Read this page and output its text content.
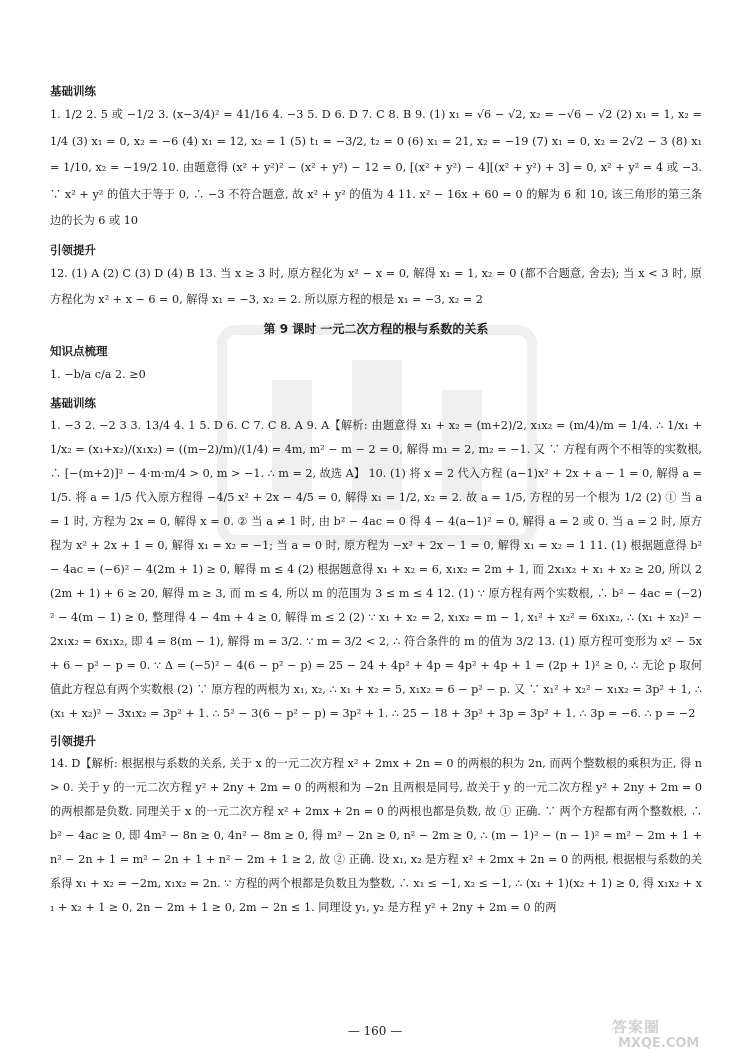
基础训练

1. 1/2 2. 5 或 −1/2 3. (x−3/4)² = 41/16 4. −3 5. D 6. D 7. C 8. B 9. (1) x₁ = √6 − √2, x₂ = −√6 − √2 (2) x₁ = 1, x₂ = 1/4 (3) x₁ = 0, x₂ = −6 (4) x₁ = 12, x₂ = 1 (5) t₁ = −3/2, t₂ = 0 (6) x₁ = 21, x₂ = −19 (7) x₁ = 0, x₂ = 2√2 − 3 (8) x₁ = 1/10, x₂ = −19/2 10. 由题意得 (x² + y²)² − (x² + y²) − 12 = 0, [(x² + y²) − 4][(x² + y²) + 3] = 0, x² + y² = 4 或 −3. ∵ x² + y² 的值大于等于 0, ∴ −3 不符合题意, 故 x² + y² 的值为 4 11. x² − 16x + 60 = 0 的解为 6 和 10, 该三角形的第三条边的长为 6 或 10

引领提升

12. (1) A (2) C (3) D (4) B 13. 当 x ≥ 3 时, 原方程化为 x² − x = 0, 解得 x₁ = 1, x₂ = 0 (都不合题意, 舍去); 当 x < 3 时, 原方程化为 x² + x − 6 = 0, 解得 x₁ = −3, x₂ = 2. 所以原方程的根是 x₁ = −3, x₂ = 2

第 9 课时 一元二次方程的根与系数的关系

知识点梳理

1. −b/a c/a 2. ≥0

基础训练

1. −3 2. −2 3 3. 13/4 4. 1 5. D 6. C 7. C 8. A 9. A【解析: 由题意得 x₁ + x₂ = (m+2)/2, x₁x₂ = (m/4)/m = 1/4. ∴ 1/x₁ + 1/x₂ = (x₁+x₂)/(x₁x₂) = ((m−2)/m)/(1/4) = 4m, m² − m − 2 = 0, 解得 m₁ = 2, m₂ = −1. 又 ∵ 方程有两个不相等的实数根, ∴ [−(m+2)]² − 4·m·m/4 > 0, m > −1. ∴ m = 2, 故选 A】 10. (1) 将 x = 2 代入方程 (a−1)x² + 2x + a − 1 = 0, 解得 a = 1/5. 将 a = 1/5 代入原方程得 −4/5 x² + 2x − 4/5 = 0, 解得 x₁ = 1/2, x₂ = 2. 故 a = 1/5, 方程的另一个根为 1/2 (2) ① 当 a = 1 时, 方程为 2x = 0, 解得 x = 0. ② 当 a ≠ 1 时, 由 b² − 4ac = 0 得 4 − 4(a−1)² = 0, 解得 a = 2 或 0. 当 a = 2 时, 原方程为 x² + 2x + 1 = 0, 解得 x₁ = x₂ = −1; 当 a = 0 时, 原方程为 −x² + 2x − 1 = 0, 解得 x₁ = x₂ = 1 11. (1) 根据题意得 b² − 4ac = (−6)² − 4(2m + 1) ≥ 0, 解得 m ≤ 4 (2) 根据题意得 x₁ + x₂ = 6, x₁x₂ = 2m + 1, 而 2x₁x₂ + x₁ + x₂ ≥ 20, 所以 2(2m + 1) + 6 ≥ 20, 解得 m ≥ 3, 而 m ≤ 4, 所以 m 的范围为 3 ≤ m ≤ 4 12. (1) ∵ 原方程有两个实数根, ∴ b² − 4ac = (−2)² − 4(m − 1) ≥ 0, 整理得 4 − 4m + 4 ≥ 0, 解得 m ≤ 2 (2) ∵ x₁ + x₂ = 2, x₁x₂ = m − 1, x₁² + x₂² = 6x₁x₂, ∴ (x₁ + x₂)² − 2x₁x₂ = 6x₁x₂, 即 4 = 8(m − 1), 解得 m = 3/2. ∵ m = 3/2 < 2, ∴ 符合条件的 m 的值为 3/2 13. (1) 原方程可变形为 x² − 5x + 6 − p² − p = 0. ∵ Δ = (−5)² − 4(6 − p² − p) = 25 − 24 + 4p² + 4p = 4p² + 4p + 1 = (2p + 1)² ≥ 0, ∴ 无论 p 取何值此方程总有两个实数根 (2) ∵ 原方程的两根为 x₁, x₂, ∴ x₁ + x₂ = 5, x₁x₂ = 6 − p² − p. 又 ∵ x₁² + x₂² − x₁x₂ = 3p² + 1, ∴ (x₁ + x₂)² − 3x₁x₂ = 3p² + 1. ∴ 5² − 3(6 − p² − p) = 3p² + 1. ∴ 25 − 18 + 3p² + 3p = 3p² + 1. ∴ 3p = −6. ∴ p = −2

引领提升

14. D【解析: 根据根与系数的关系, 关于 x 的一元二次方程 x² + 2mx + 2n = 0 的两根的积为 2n, 而两个整数根的乘积为正, 得 n > 0. 关于 y 的一元二次方程 y² + 2ny + 2m = 0 的两根和为 −2n 且两根是同号, 故关于 y 的一元二次方程 y² + 2ny + 2m = 0 的两根都是负数. 同理关于 x 的一元二次方程 x² + 2mx + 2n = 0 的两根也都是负数, 故 ① 正确. ∵ 两个方程都有两个整数根, ∴ b² − 4ac ≥ 0, 即 4m² − 8n ≥ 0, 4n² − 8m ≥ 0, 得 m² − 2n ≥ 0, n² − 2m ≥ 0, ∴ (m − 1)² − (n − 1)² = m² − 2m + 1 + n² − 2n + 1 = m² − 2n + 1 + n² − 2m + 1 ≥ 2, 故 ② 正确. 设 x₁, x₂ 是方程 x² + 2mx + 2n = 0 的两根, 根据根与系数的关系得 x₁ + x₂ = −2m, x₁x₂ = 2n. ∵ 方程的两个根都是负数且为整数, ∴ x₁ ≤ −1, x₂ ≤ −1, ∴ (x₁ + 1)(x₂ + 1) ≥ 0, 得 x₁x₂ + x₁ + x₂ + 1 ≥ 0, 2n − 2m + 1 ≥ 0, 2m − 2n ≤ 1. 同理设 y₁, y₂ 是方程 y² + 2ny + 2m = 0 的两

— 160 —	答案圈
MXQE.COM
